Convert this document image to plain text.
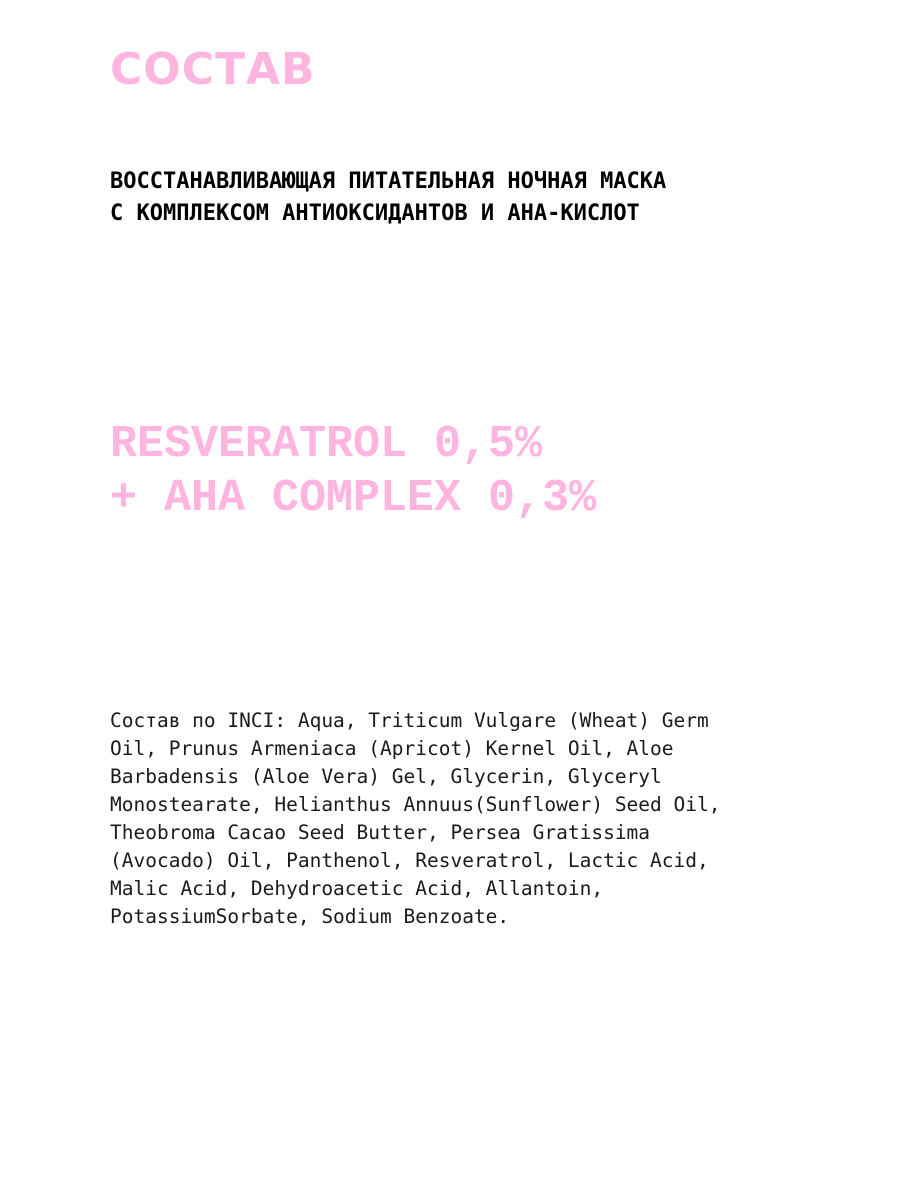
СОСТАВ
ВОССТАНАВЛИВАЮЩАЯ ПИТАТЕЛЬНАЯ НОЧНАЯ МАСКА
С КОМПЛЕКСОМ АНТИОКСИДАНТОВ И АНА-КИСЛОТ
RESVERATROL 0,5%
+ AHA COMPLEX 0,3%
Состав по INCI: Aqua, Triticum Vulgare (Wheat) Germ
Oil, Prunus Armeniaca (Apricot) Kernel Oil, Aloe
Barbadensis (Aloe Vera) Gel, Glycerin, Glyceryl
Monostearate, Helianthus Annuus(Sunflower) Seed Oil,
Theobroma Cacao Seed Butter, Persea Gratissima
(Avocado) Oil, Panthenol, Resveratrol, Lactic Acid,
Malic Acid, Dehydroacetic Acid, Allantoin,
PotassiumSorbate, Sodium Benzoate.
